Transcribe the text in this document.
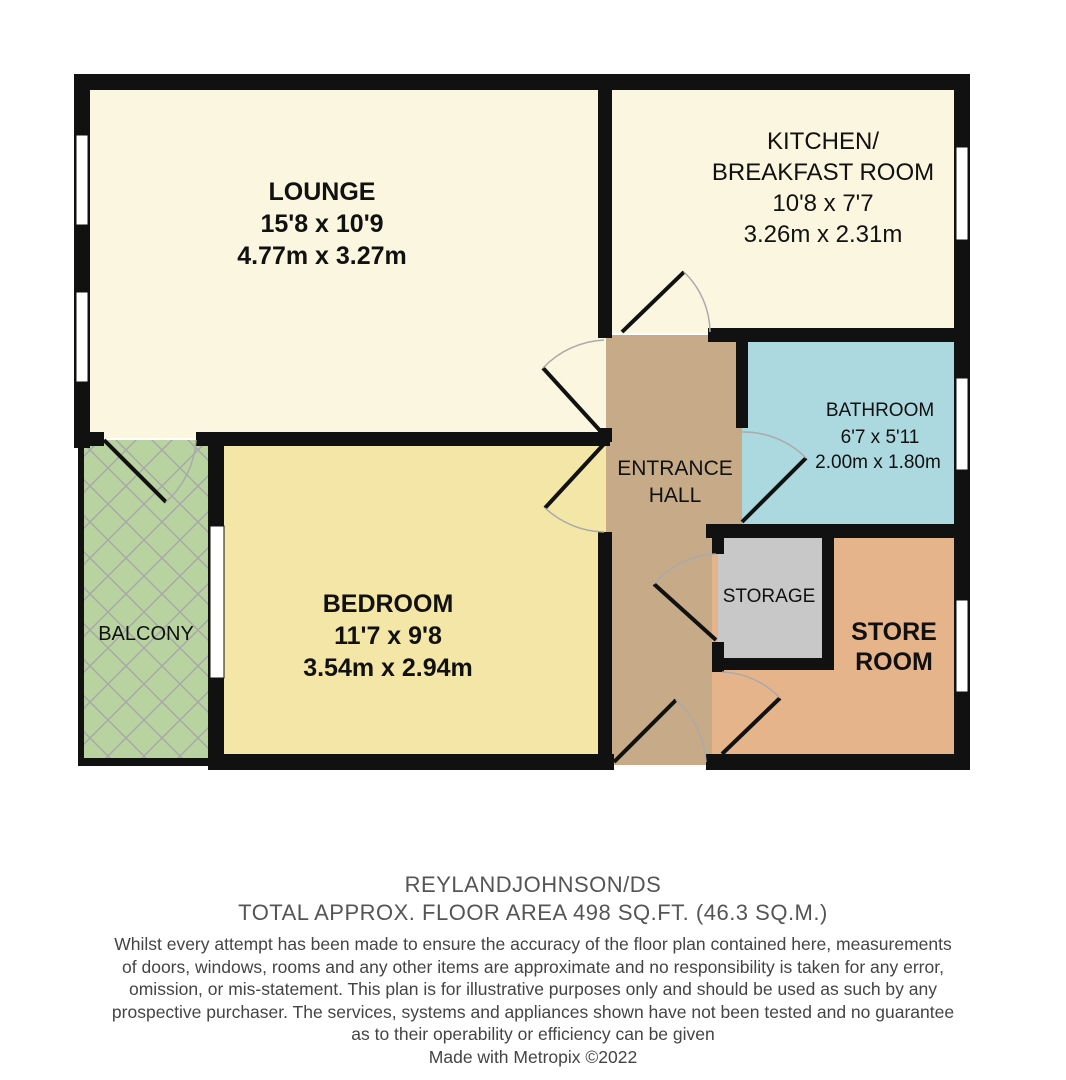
LOUNGE
15'8 x 10'9
4.77m x 3.27m
KITCHEN/
BREAKFAST ROOM
10'8 x 7'7
3.26m x 2.31m
BATHROOM
6'7 x 5'11
2.00m x 1.80m
ENTRANCE
HALL
BEDROOM
11'7 x 9'8
3.54m x 2.94m
BALCONY
STORAGE
STORE
ROOM
REYLANDJOHNSON/DS
TOTAL APPROX. FLOOR AREA 498 SQ.FT. (46.3 SQ.M.)
Whilst every attempt has been made to ensure the accuracy of the floor plan contained here, measurements
of doors, windows, rooms and any other items are approximate and no responsibility is taken for any error,
omission, or mis-statement. This plan is for illustrative purposes only and should be used as such by any
prospective purchaser. The services, systems and appliances shown have not been tested and no guarantee
as to their operability or efficiency can be given
Made with Metropix ©2022
